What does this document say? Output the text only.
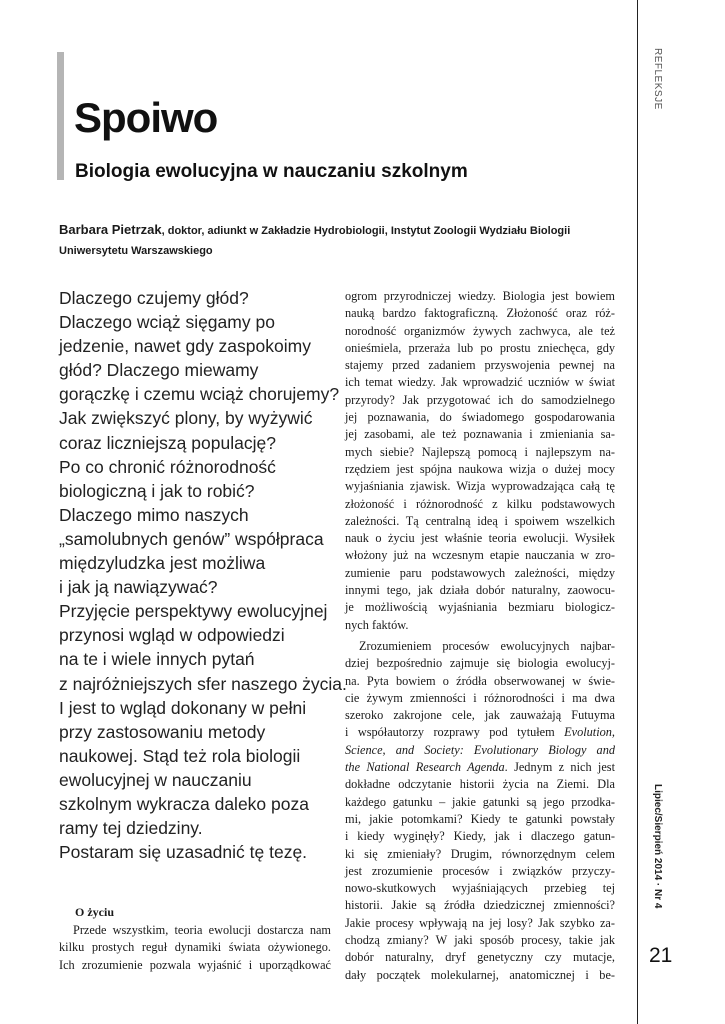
REFLEKSJE
Lipiec/Sierpień 2014 · Nr 4
21
Spoiwo
Biologia ewolucyjna w nauczaniu szkolnym
Barbara Pietrzak, doktor, adiunkt w Zakładzie Hydrobiologii, Instytut Zoologii Wydziału Biologii
Uniwersytetu Warszawskiego
Dlaczego czujemy głód?
Dlaczego wciąż sięgamy po
jedzenie, nawet gdy zaspokoimy
głód? Dlaczego miewamy
gorączkę i czemu wciąż chorujemy?
Jak zwiększyć plony, by wyżywić
coraz liczniejszą populację?
Po co chronić różnorodność
biologiczną i jak to robić?
Dlaczego mimo naszych
„samolubnych genów” współpraca
międzyludzka jest możliwa
i jak ją nawiązywać?
Przyjęcie perspektywy ewolucyjnej
przynosi wgląd w odpowiedzi
na te i wiele innych pytań
z najróżniejszych sfer naszego życia.
I jest to wgląd dokonany w pełni
przy zastosowaniu metody
naukowej. Stąd też rola biologii
ewolucyjnej w nauczaniu
szkolnym wykracza daleko poza
ramy tej dziedziny.
Postaram się uzasadnić tę tezę.
O życiu
Przede wszystkim, teoria ewolucji dostarcza nam
kilku prostych reguł dynamiki świata ożywionego.
Ich zrozumienie pozwala wyjaśnić i uporządkować
ogrom przyrodniczej wiedzy. Biologia jest bowiem
nauką bardzo faktograficzną. Złożoność oraz róż-
norodność organizmów żywych zachwyca, ale też
onieśmiela, przeraża lub po prostu zniechęca, gdy
stajemy przed zadaniem przyswojenia pewnej na
ich temat wiedzy. Jak wprowadzić uczniów w świat
przyrody? Jak przygotować ich do samodzielnego
jej poznawania, do świadomego gospodarowania
jej zasobami, ale też poznawania i zmieniania sa-
mych siebie? Najlepszą pomocą i najlepszym na-
rzędziem jest spójna naukowa wizja o dużej mocy
wyjaśniania zjawisk. Wizja wyprowadzająca całą tę
złożoność i różnorodność z kilku podstawowych
zależności. Tą centralną ideą i spoiwem wszelkich
nauk o życiu jest właśnie teoria ewolucji. Wysiłek
włożony już na wczesnym etapie nauczania w zro-
zumienie paru podstawowych zależności, między
innymi tego, jak działa dobór naturalny, zaowocu-
je możliwością wyjaśniania bezmiaru biologicz-
nych faktów.
Zrozumieniem procesów ewolucyjnych najbar-
dziej bezpośrednio zajmuje się biologia ewolucyj-
na. Pyta bowiem o źródła obserwowanej w świe-
cie żywym zmienności i różnorodności i ma dwa
szeroko zakrojone cele, jak zauważają Futuyma
i współautorzy rozprawy pod tytułem Evolution,
Science, and Society: Evolutionary Biology and
the National Research Agenda. Jednym z nich jest
dokładne odczytanie historii życia na Ziemi. Dla
każdego gatunku – jakie gatunki są jego przodka-
mi, jakie potomkami? Kiedy te gatunki powstały
i kiedy wyginęły? Kiedy, jak i dlaczego gatun-
ki się zmieniały? Drugim, równorzędnym celem
jest zrozumienie procesów i związków przyczy-
nowo-skutkowych wyjaśniających przebieg tej
historii. Jakie są źródła dziedzicznej zmienności?
Jakie procesy wpływają na jej losy? Jak szybko za-
chodzą zmiany? W jaki sposób procesy, takie jak
dobór naturalny, dryf genetyczny czy mutacje,
dały początek molekularnej, anatomicznej i be-
